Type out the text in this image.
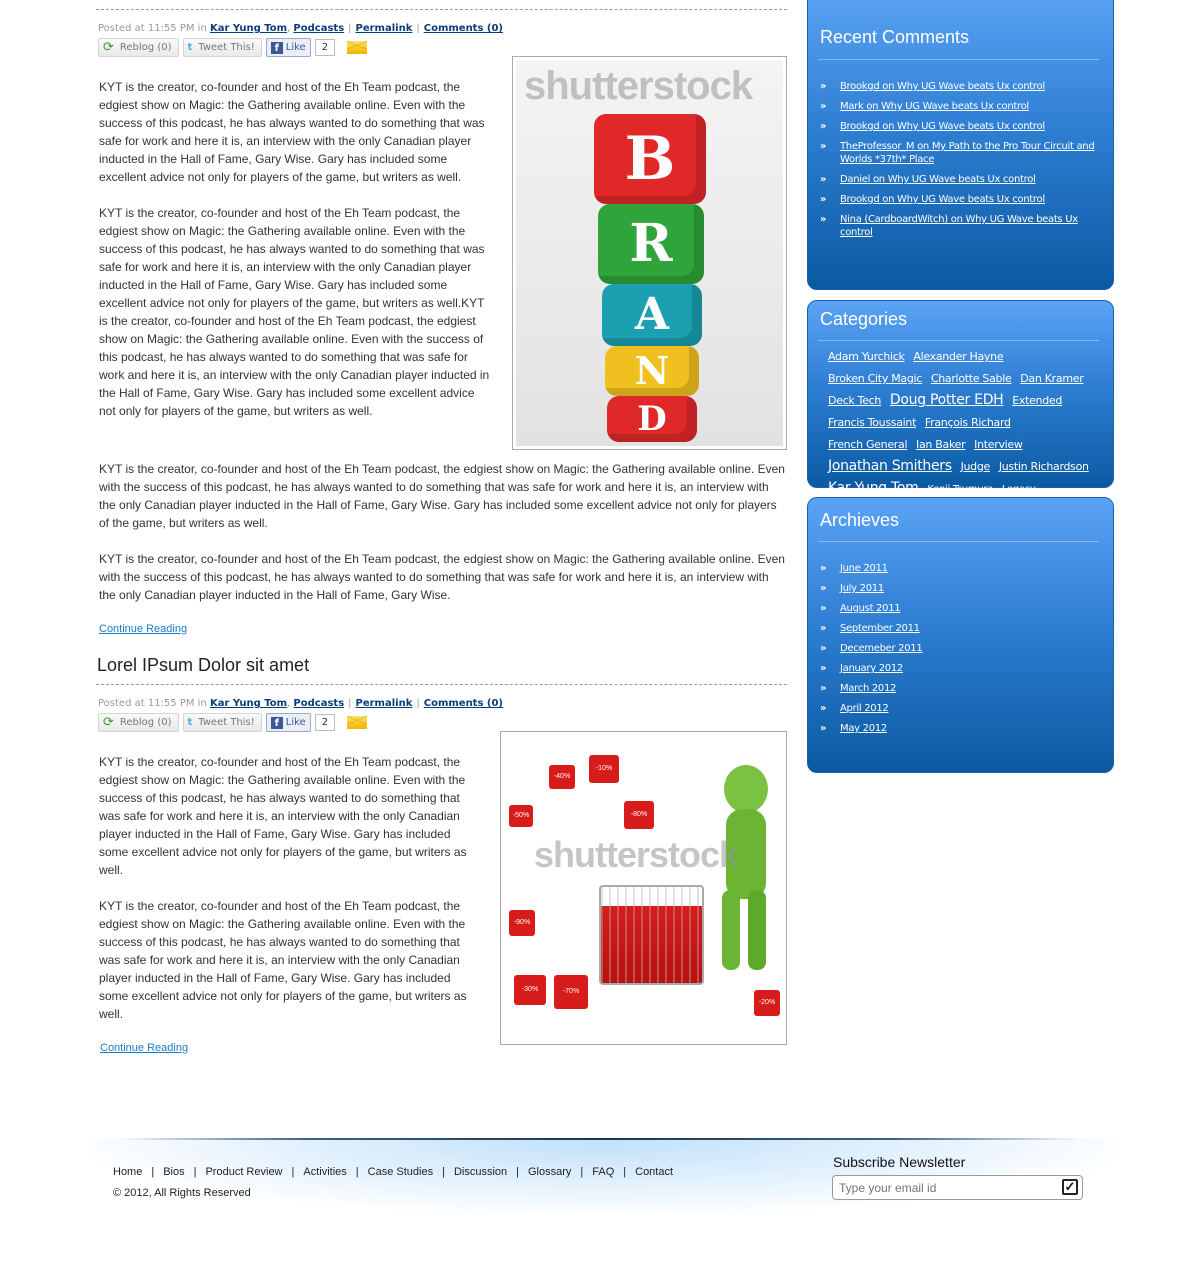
Posted at 11:55 PM in Kar Yung Tom, Podcasts | Permalink | Comments (0)
⟳ Reblog (0) t Tweet This!	f Like	2
shutterstock
B
R
A
N
D
KYT is the creator, co-founder and host of the Eh Team podcast, the edgiest show on Magic: the Gathering available online. Even with the success of this podcast, he has always wanted to do something that was safe for work and here it is, an interview with the only Canadian player inducted in the Hall of Fame, Gary Wise. Gary has included some excellent advice not only for players of the game, but writers as well.
KYT is the creator, co-founder and host of the Eh Team podcast, the edgiest show on Magic: the Gathering available online. Even with the success of this podcast, he has always wanted to do something that was safe for work and here it is, an interview with the only Canadian player inducted in the Hall of Fame, Gary Wise. Gary has included some excellent advice not only for players of the game, but writers as well.KYT is the creator, co-founder and host of the Eh Team podcast, the edgiest show on Magic: the Gathering available online. Even with the success of this podcast, he has always wanted to do something that was safe for work and here it is, an interview with the only Canadian player inducted in the Hall of Fame, Gary Wise. Gary has included some excellent advice not only for players of the game, but writers as well.
KYT is the creator, co-founder and host of the Eh Team podcast, the edgiest show on Magic: the Gathering available online. Even with the success of this podcast, he has always wanted to do something that was safe for work and here it is, an interview with the only Canadian player inducted in the Hall of Fame, Gary Wise. Gary has included some excellent advice not only for players of the game, but writers as well.
KYT is the creator, co-founder and host of the Eh Team podcast, the edgiest show on Magic: the Gathering available online. Even with the success of this podcast, he has always wanted to do something that was safe for work and here it is, an interview with the only Canadian player inducted in the Hall of Fame, Gary Wise.
Continue Reading
Lorel IPsum Dolor sit amet
Posted at 11:55 PM in Kar Yung Tom, Podcasts | Permalink | Comments (0)
⟳ Reblog (0) t Tweet This!	f Like	2
-10%
-40%
-50%	-80%
-90%
-30%	-70%
-20%
shutterstock
KYT is the creator, co-founder and host of the Eh Team podcast, the edgiest show on Magic: the Gathering available online. Even with the success of this podcast, he has always wanted to do something that was safe for work and here it is, an interview with the only Canadian player inducted in the Hall of Fame, Gary Wise. Gary has included some excellent advice not only for players of the game, but writers as well.
KYT is the creator, co-founder and host of the Eh Team podcast, the edgiest show on Magic: the Gathering available online. Even with the success of this podcast, he has always wanted to do something that was safe for work and here it is, an interview with the only Canadian player inducted in the Hall of Fame, Gary Wise. Gary has included some excellent advice not only for players of the game, but writers as well.
Continue Reading
Recent Comments
»	Brookgd on Why UG Wave beats Ux control
»	Mark on Why UG Wave beats Ux control
»	Brookgd on Why UG Wave beats Ux control
»	TheProfessor_M on My Path to the Pro Tour Circuit and Worlds *37th* Place
»	Daniel on Why UG Wave beats Ux control
»	Brookgd on Why UG Wave beats Ux control
»	Nina (CardboardWitch) on Why UG Wave beats Ux control
Categories
Adam Yurchick Alexander Hayne Broken City Magic Charlotte Sable Dan Kramer Deck Tech Doug Potter EDH Extended Francis Toussaint François Richard French General Ian Baker Interview Jonathan Smithers Judge Justin Richardson Kar Yung Tom Kenji Tsumura Legacy
Archieves
»	June 2011
»	July 2011
»	August 2011
»	September 2011
»	Decemeber 2011
»	January 2012
»	March 2012
»	April 2012
»	May 2012
Home | Bios | Product Review | Activities | Case Studies | Discussion | Glossary | FAQ | Contact
© 2012, All Rights Reserved
Subscribe Newsletter
Type your email id
✓
